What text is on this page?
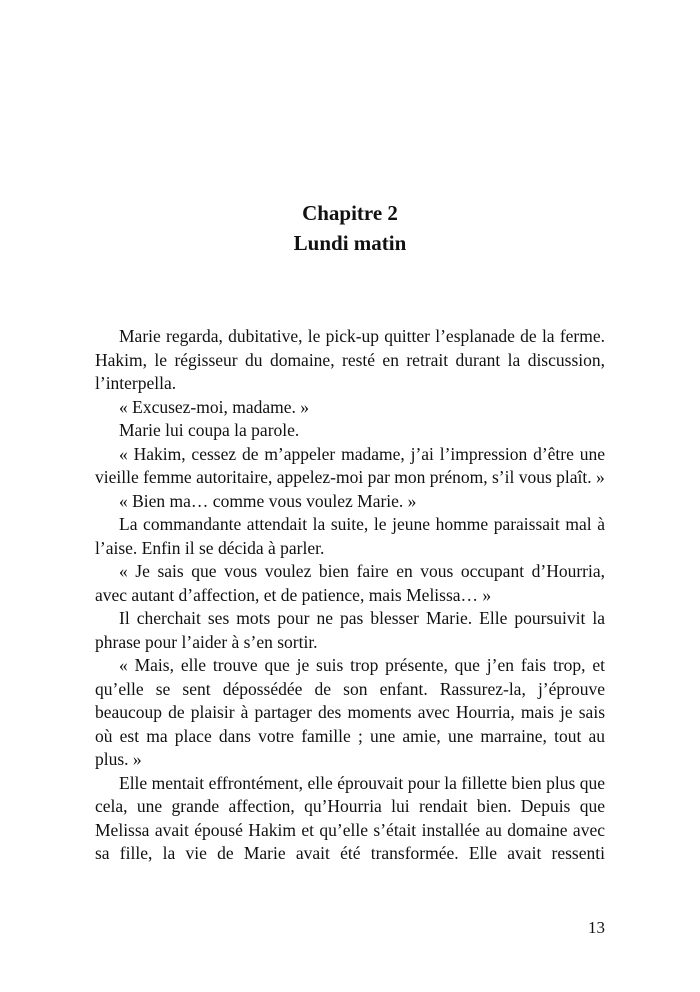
Chapitre 2
Lundi matin

Marie regarda, dubitative, le pick-up quitter l’esplanade de la ferme. Hakim, le régisseur du domaine, resté en retrait durant la discussion, l’interpella.

« Excusez-moi, madame. »

Marie lui coupa la parole.

« Hakim, cessez de m’appeler madame, j’ai l’impression d’être une vieille femme autoritaire, appelez-moi par mon prénom, s’il vous plaît. »

« Bien ma… comme vous voulez Marie. »

La commandante attendait la suite, le jeune homme paraissait mal à l’aise. Enfin il se décida à parler.

« Je sais que vous voulez bien faire en vous occupant d’Hourria, avec autant d’affection, et de patience, mais Melissa… »

Il cherchait ses mots pour ne pas blesser Marie. Elle poursuivit la phrase pour l’aider à s’en sortir.

« Mais, elle trouve que je suis trop présente, que j’en fais trop, et qu’elle se sent dépossédée de son enfant. Rassurez-la, j’éprouve beaucoup de plaisir à partager des moments avec Hourria, mais je sais où est ma place dans votre famille ; une amie, une marraine, tout au plus. »

Elle mentait effrontément, elle éprouvait pour la fillette bien plus que cela, une grande affection, qu’Hourria lui rendait bien. Depuis que Melissa avait épousé Hakim et qu’elle s’était installée au domaine avec sa fille, la vie de Marie avait été transformée. Elle avait ressenti

13
